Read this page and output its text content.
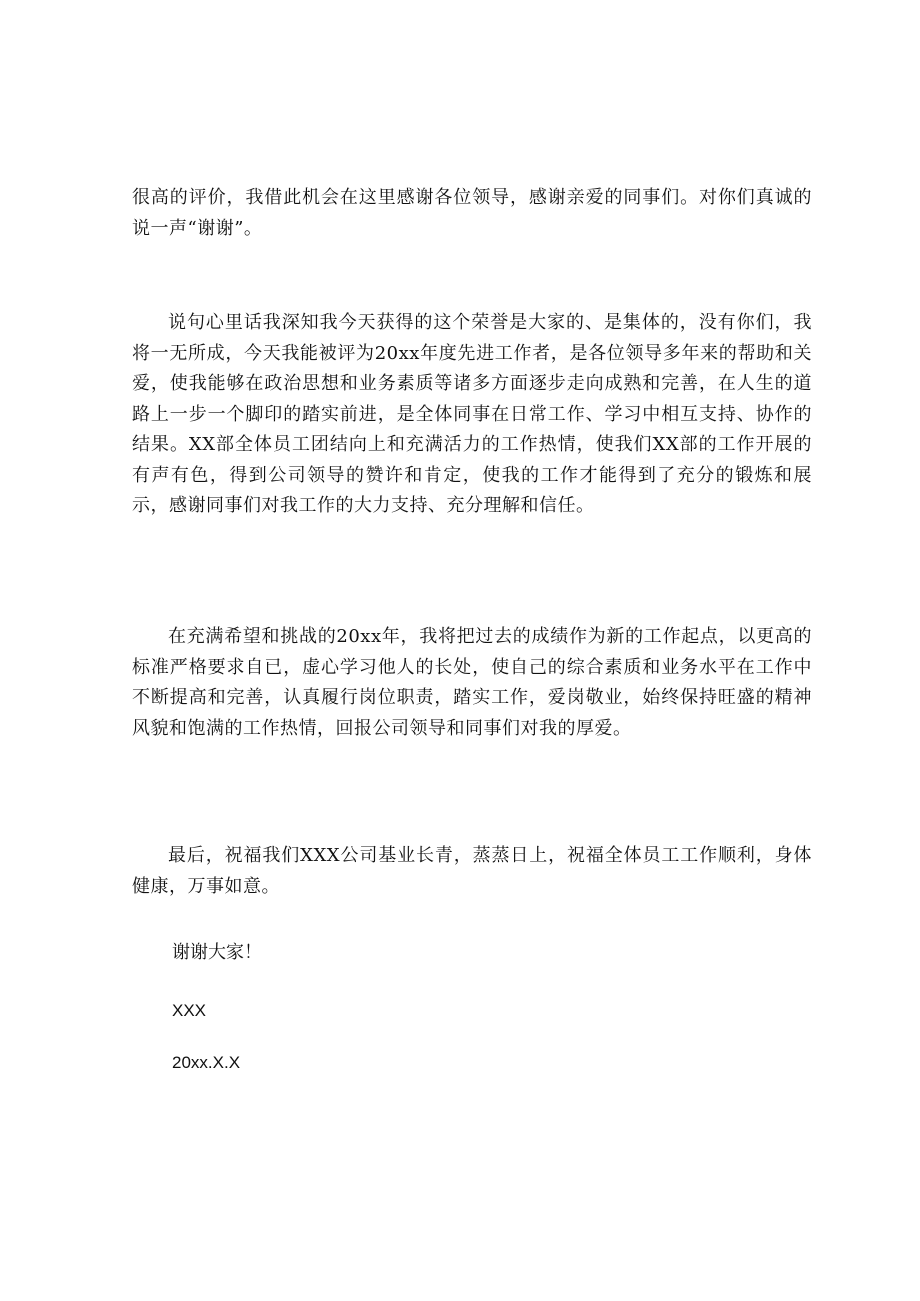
很高的评价，我借此机会在这里感谢各位领导，感谢亲爱的同事们。对你们真诚的说一声“谢谢”。

说句心里话我深知我今天获得的这个荣誉是大家的、是集体的，没有你们，我将一无所成，今天我能被评为20xx年度先进工作者，是各位领导多年来的帮助和关爱，使我能够在政治思想和业务素质等诸多方面逐步走向成熟和完善，在人生的道路上一步一个脚印的踏实前进，是全体同事在日常工作、学习中相互支持、协作的结果。XX部全体员工团结向上和充满活力的工作热情，使我们XX部的工作开展的有声有色，得到公司领导的赞许和肯定，使我的工作才能得到了充分的锻炼和展示，感谢同事们对我工作的大力支持、充分理解和信任。

在充满希望和挑战的20xx年，我将把过去的成绩作为新的工作起点，以更高的标准严格要求自已，虚心学习他人的长处，使自己的综合素质和业务水平在工作中不断提高和完善，认真履行岗位职责，踏实工作，爱岗敬业，始终保持旺盛的精神风貌和饱满的工作热情，回报公司领导和同事们对我的厚爱。

最后，祝福我们XXX公司基业长青，蒸蒸日上，祝福全体员工工作顺利，身体健康，万事如意。

谢谢大家！

XXX

20xx.X.X
